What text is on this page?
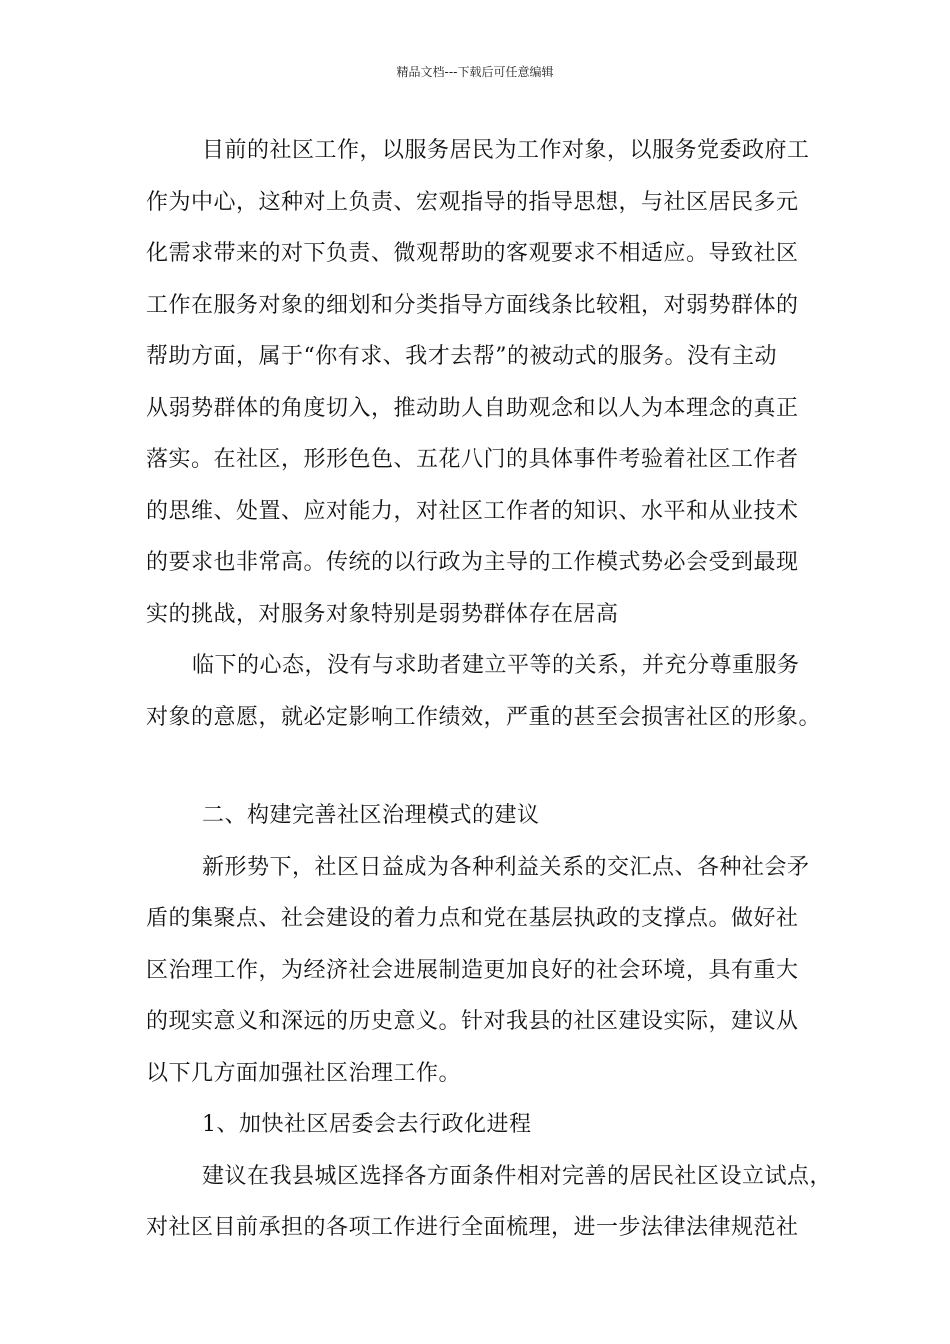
精品文档---下载后可任意编辑
目前的社区工作，以服务居民为工作对象，以服务党委政府工
作为中心，这种对上负责、宏观指导的指导思想，与社区居民多元
化需求带来的对下负责、微观帮助的客观要求不相适应。导致社区
工作在服务对象的细划和分类指导方面线条比较粗，对弱势群体的
帮助方面，属于“你有求、我才去帮”的被动式的服务。没有主动
从弱势群体的角度切入，推动助人自助观念和以人为本理念的真正
落实。在社区，形形色色、五花八门的具体事件考验着社区工作者
的思维、处置、应对能力，对社区工作者的知识、水平和从业技术
的要求也非常高。传统的以行政为主导的工作模式势必会受到最现
实的挑战，对服务对象特别是弱势群体存在居高
临下的心态，没有与求助者建立平等的关系，并充分尊重服务
对象的意愿，就必定影响工作绩效，严重的甚至会损害社区的形象。
二、构建完善社区治理模式的建议
新形势下，社区日益成为各种利益关系的交汇点、各种社会矛
盾的集聚点、社会建设的着力点和党在基层执政的支撑点。做好社
区治理工作，为经济社会进展制造更加良好的社会环境，具有重大
的现实意义和深远的历史意义。针对我县的社区建设实际，建议从
以下几方面加强社区治理工作。
1、加快社区居委会去行政化进程
建议在我县城区选择各方面条件相对完善的居民社区设立试点，
对社区目前承担的各项工作进行全面梳理，进一步法律法律规范社
